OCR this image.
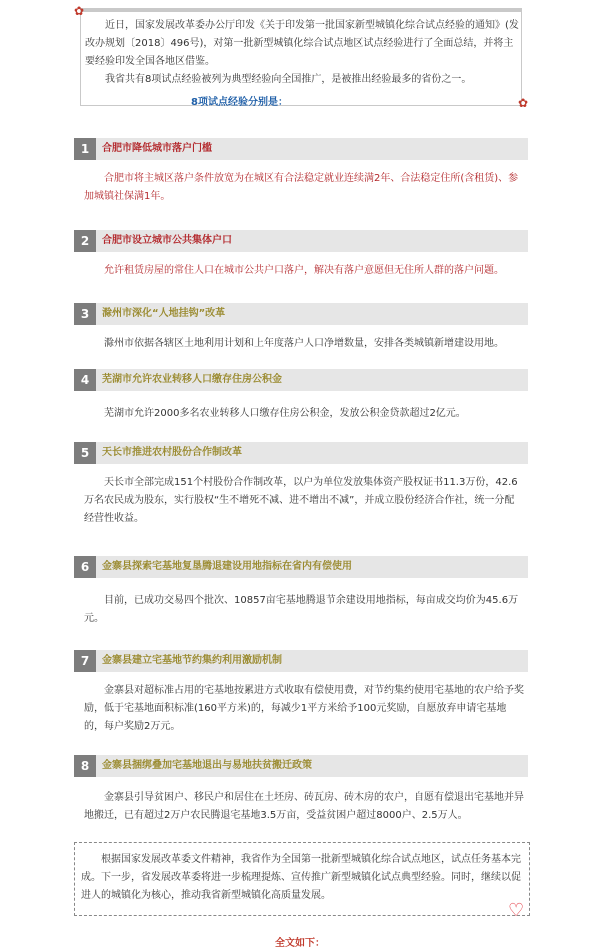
近日，国家发展改革委办公厅印发《关于印发第一批国家新型城镇化综合试点经验的通知》(发改办规划〔2018〕496号)，对第一批新型城镇化综合试点地区试点经验进行了全面总结，并将主要经验印发全国各地区借鉴。

我省共有8项试点经验被列为典型经验向全国推广，是被推出经验最多的省份之一。

8项试点经验分别是：
✿
✿
1	合肥市降低城市落户门槛
合肥市将主城区落户条件放宽为在城区有合法稳定就业连续满2年、合法稳定住所(含租赁)、参加城镇社保满1年。
2	合肥市设立城市公共集体户口
允许租赁房屋的常住人口在城市公共户口落户，解决有落户意愿但无住所人群的落户问题。
3	滁州市深化“人地挂钩”改革
滁州市依据各辖区土地利用计划和上年度落户人口净增数量，安排各类城镇新增建设用地。
4	芜湖市允许农业转移人口缴存住房公积金
芜湖市允许2000多名农业转移人口缴存住房公积金，发放公积金贷款超过2亿元。
5	天长市推进农村股份合作制改革
天长市全部完成151个村股份合作制改革，以户为单位发放集体资产股权证书11.3万份，42.6万名农民成为股东，实行股权“生不增死不减、进不增出不减”，并成立股份经济合作社，统一分配经营性收益。
6	金寨县探索宅基地复垦腾退建设用地指标在省内有偿使用
目前，已成功交易四个批次、10857亩宅基地腾退节余建设用地指标，每亩成交均价为45.6万元。
7	金寨县建立宅基地节约集约利用激励机制
金寨县对超标准占用的宅基地按累进方式收取有偿使用费，对节约集约使用宅基地的农户给予奖励，低于宅基地面积标准(160平方米)的，每减少1平方米给予100元奖励，自愿放弃申请宅基地的，每户奖励2万元。
8	金寨县捆绑叠加宅基地退出与易地扶贫搬迁政策
金寨县引导贫困户、移民户和居住在土坯房、砖瓦房、砖木房的农户，自愿有偿退出宅基地并异地搬迁，已有超过2万户农民腾退宅基地3.5万亩，受益贫困户超过8000户、2.5万人。
根据国家发展改革委文件精神，我省作为全国第一批新型城镇化综合试点地区，试点任务基本完成。下一步，省发展改革委将进一步梳理提炼、宣传推广新型城镇化试点典型经验。同时，继续以促进人的城镇化为核心，推动我省新型城镇化高质量发展。
♡
全文如下：
